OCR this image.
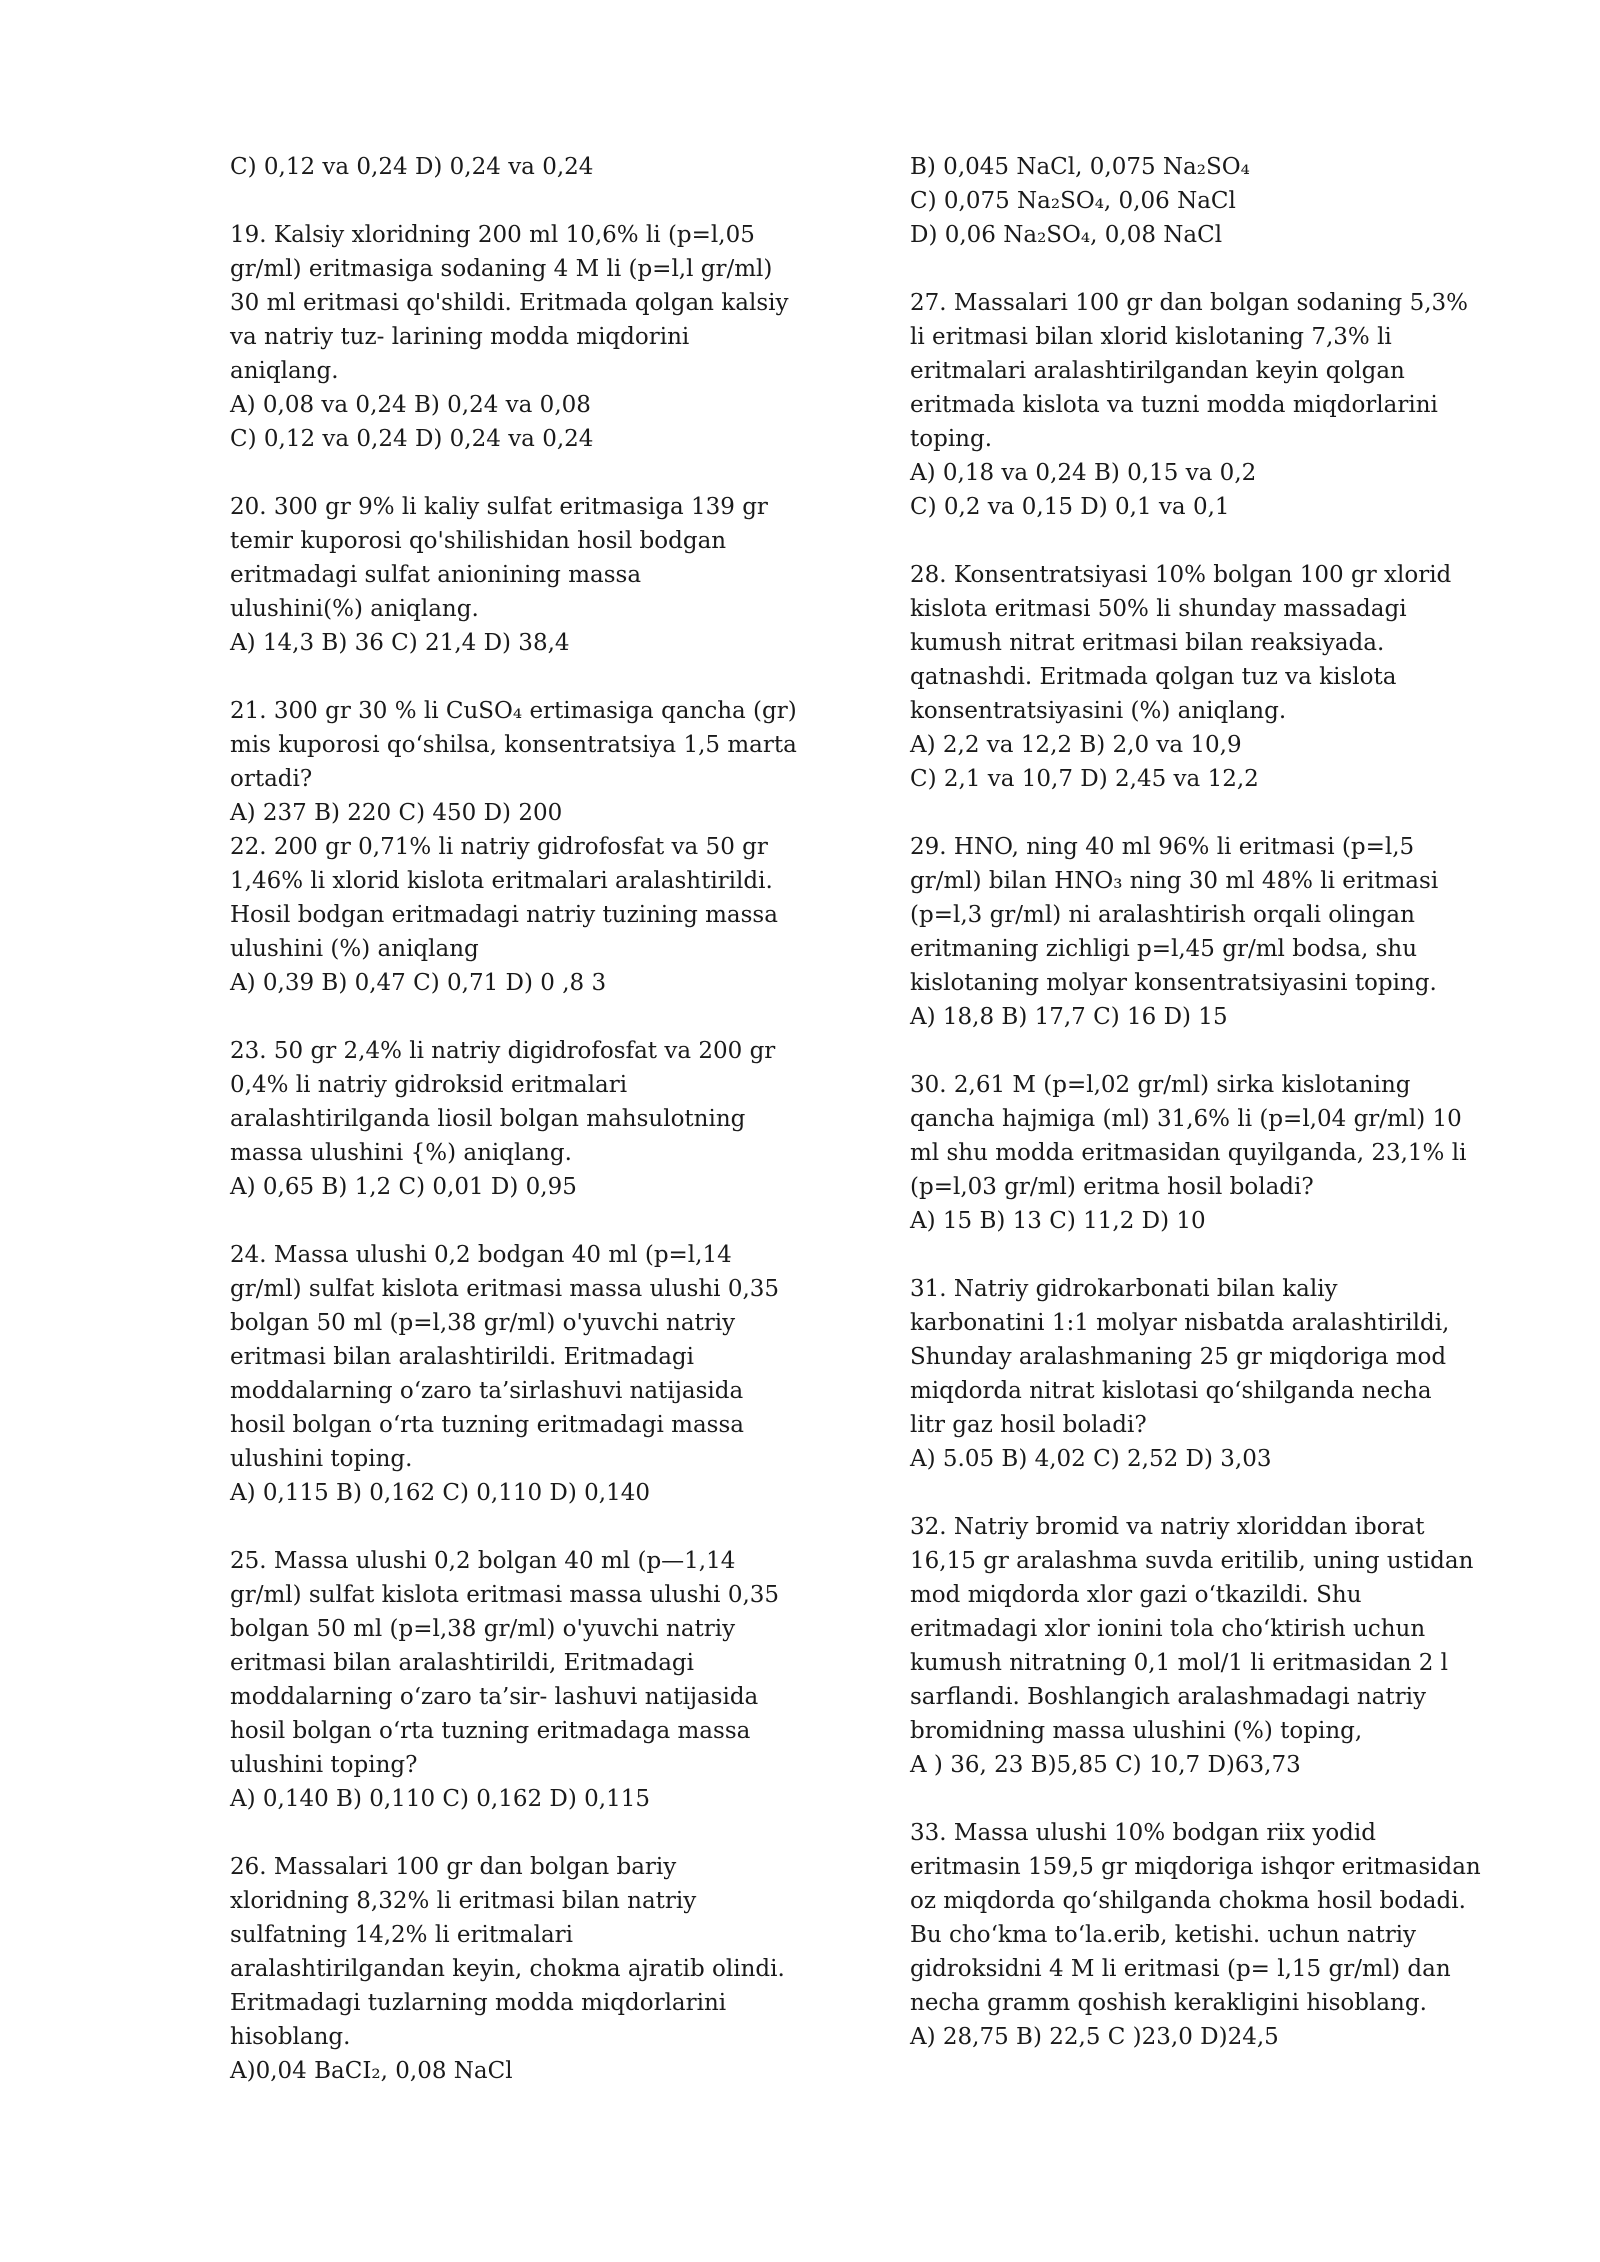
C) 0,12 va 0,24 D) 0,24 va 0,24
19. Kalsiy xloridning 200 ml 10,6% li (p=l,05
gr/ml) eritmasiga sodaning 4 M li (p=l,l gr/ml)
30 ml eritmasi qo'shildi. Eritmada qolgan kalsiy
va natriy tuz- larining modda miqdorini
aniqlang.
A) 0,08 va 0,24 B) 0,24 va 0,08
C) 0,12 va 0,24 D) 0,24 va 0,24
20. 300 gr 9% li kaliy sulfat eritmasiga 139 gr
temir kuporosi qo'shilishidan hosil bodgan
eritmadagi sulfat anionining massa
ulushini(%) aniqlang.
A) 14,3 B) 36 C) 21,4 D) 38,4
21. 300 gr 30 % li CuSO₄ ertimasiga qancha (gr)
mis kuporosi qo‘shilsa, konsentratsiya 1,5 marta
ortadi?
A) 237 B) 220 C) 450 D) 200
22. 200 gr 0,71% li natriy gidrofosfat va 50 gr
1,46% li xlorid kislota eritmalari aralashtirildi.
Hosil bodgan eritmadagi natriy tuzining massa
ulushini (%) aniqlang
A) 0,39 B) 0,47 C) 0,71 D) 0 ,8 3
23. 50 gr 2,4% li natriy digidrofosfat va 200 gr
0,4% li natriy gidroksid eritmalari
aralashtirilganda liosil bolgan mahsulotning
massa ulushini {%) aniqlang.
A) 0,65 B) 1,2 C) 0,01 D) 0,95
24. Massa ulushi 0,2 bodgan 40 ml (p=l,14
gr/ml) sulfat kislota eritmasi massa ulushi 0,35
bolgan 50 ml (p=l,38 gr/ml) o'yuvchi natriy
eritmasi bilan aralashtirildi. Eritmadagi
moddalarning o‘zaro ta’sirlashuvi natijasida
hosil bolgan o‘rta tuzning eritmadagi massa
ulushini toping.
A) 0,115 B) 0,162 C) 0,110 D) 0,140
25. Massa ulushi 0,2 bolgan 40 ml (p—1,14
gr/ml) sulfat kislota eritmasi massa ulushi 0,35
bolgan 50 ml (p=l,38 gr/ml) o'yuvchi natriy
eritmasi bilan aralashtirildi, Eritmadagi
moddalarning o‘zaro ta’sir- lashuvi natijasida
hosil bolgan o‘rta tuzning eritmadaga massa
ulushini toping?
A) 0,140 B) 0,110 C) 0,162 D) 0,115
26. Massalari 100 gr dan bolgan bariy
xloridning 8,32% li eritmasi bilan natriy
sulfatning 14,2% li eritmalari
aralashtirilgandan keyin, chokma ajratib olindi.
Eritmadagi tuzlarning modda miqdorlarini
hisoblang.
A)0,04 BaCI₂, 0,08 NaCl
B) 0,045 NaCl, 0,075 Na₂SO₄
C) 0,075 Na₂SO₄, 0,06 NaCl
D) 0,06 Na₂SO₄, 0,08 NaCl
27. Massalari 100 gr dan bolgan sodaning 5,3%
li eritmasi bilan xlorid kislotaning 7,3% li
eritmalari aralashtirilgandan keyin qolgan
eritmada kislota va tuzni modda miqdorlarini
toping.
A) 0,18 va 0,24 B) 0,15 va 0,2
C) 0,2 va 0,15 D) 0,1 va 0,1
28. Konsentratsiyasi 10% bolgan 100 gr xlorid
kislota eritmasi 50% li shunday massadagi
kumush nitrat eritmasi bilan reaksiyada.
qatnashdi. Eritmada qolgan tuz va kislota
konsentratsiyasini (%) aniqlang.
A) 2,2 va 12,2 B) 2,0 va 10,9
C) 2,1 va 10,7 D) 2,45 va 12,2
29. HNO, ning 40 ml 96% li eritmasi (p=l,5
gr/ml) bilan HNO₃ ning 30 ml 48% li eritmasi
(p=l,3 gr/ml) ni aralashtirish orqali olingan
eritmaning zichligi p=l,45 gr/ml bodsa, shu
kislotaning molyar konsentratsiyasini toping.
A) 18,8 B) 17,7 C) 16 D) 15
30. 2,61 M (p=l,02 gr/ml) sirka kislotaning
qancha hajmiga (ml) 31,6% li (p=l,04 gr/ml) 10
ml shu modda eritmasidan quyilganda, 23,1% li
(p=l,03 gr/ml) eritma hosil boladi?
A) 15 B) 13 C) 11,2 D) 10
31. Natriy gidrokarbonati bilan kaliy
karbonatini 1:1 molyar nisbatda aralashtirildi,
Shunday aralashmaning 25 gr miqdoriga mod
miqdorda nitrat kislotasi qo‘shilganda necha
litr gaz hosil boladi?
A) 5.05 B) 4,02 C) 2,52 D) 3,03
32. Natriy bromid va natriy xloriddan iborat
16,15 gr aralashma suvda eritilib, uning ustidan
mod miqdorda xlor gazi o‘tkazildi. Shu
eritmadagi xlor ionini tola cho‘ktirish uchun
kumush nitratning 0,1 mol/1 li eritmasidan 2 l
sarflandi. Boshlangich aralashmadagi natriy
bromidning massa ulushini (%) toping,
A ) 36, 23 B)5,85 C) 10,7 D)63,73
33. Massa ulushi 10% bodgan riix yodid
eritmasin 159,5 gr miqdoriga ishqor eritmasidan
oz miqdorda qo‘shilganda chokma hosil bodadi.
Bu cho‘kma to‘la.erib, ketishi. uchun natriy
gidroksidni 4 M li eritmasi (p= l,15 gr/ml) dan
necha gramm qoshish kerakligini hisoblang.
A) 28,75 B) 22,5 C )23,0 D)24,5
